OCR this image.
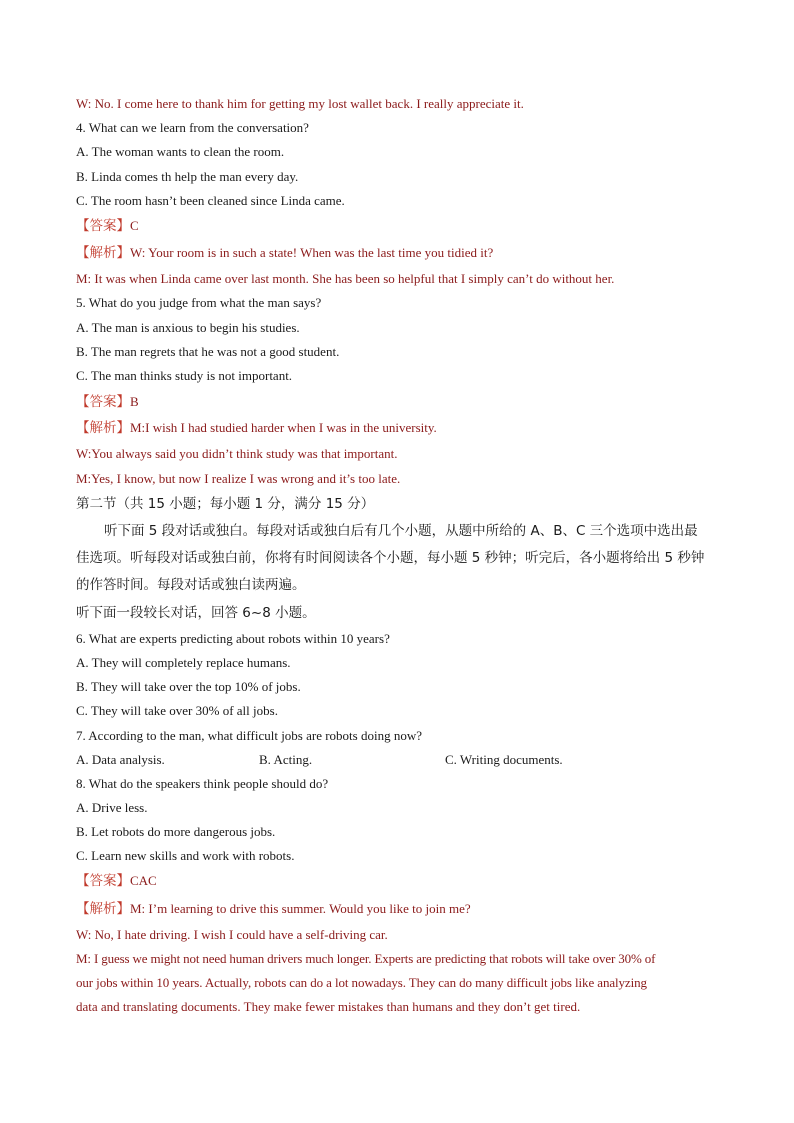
W: No. I come here to thank him for getting my lost wallet back. I really appreciate it.
4. What can we learn from the conversation?
A. The woman wants to clean the room.
B. Linda comes th help the man every day.
C. The room hasn’t been cleaned since Linda came.
【答案】C
【解析】W: Your room is in such a state! When was the last time you tidied it?
M: It was when Linda came over last month. She has been so helpful that I simply can’t do without her.
5. What do you judge from what the man says?
A. The man is anxious to begin his studies.
B. The man regrets that he was not a good student.
C. The man thinks study is not important.
【答案】B
【解析】M:I wish I had studied harder when I was in the university.
W:You always said you didn’t think study was that important.
M:Yes, I know, but now I realize I was wrong and it’s too late.
第二节（共 15 小题；每小题 1 分，满分 15 分）
听下面 5 段对话或独白。每段对话或独白后有几个小题，从题中所给的 A、B、C 三个选项中选出最
佳选项。听每段对话或独白前，你将有时间阅读各个小题，每小题 5 秒钟；听完后，各小题将给出 5 秒钟
的作答时间。每段对话或独白读两遍。
听下面一段较长对话，回答 6~8 小题。
6. What are experts predicting about robots within 10 years?
A. They will completely replace humans.
B. They will take over the top 10% of jobs.
C. They will take over 30% of all jobs.
7. According to the man, what difficult jobs are robots doing now?
A. Data analysis.	B. Acting.	C. Writing documents.
8. What do the speakers think people should do?
A. Drive less.
B. Let robots do more dangerous jobs.
C. Learn new skills and work with robots.
【答案】CAC
【解析】M: I’m learning to drive this summer. Would you like to join me?
W: No, I hate driving. I wish I could have a self-driving car.
M: I guess we might not need human drivers much longer. Experts are predicting that robots will take over 30% of
our jobs within 10 years. Actually, robots can do a lot nowadays. They can do many difficult jobs like analyzing
data and translating documents. They make fewer mistakes than humans and they don’t get tired.
